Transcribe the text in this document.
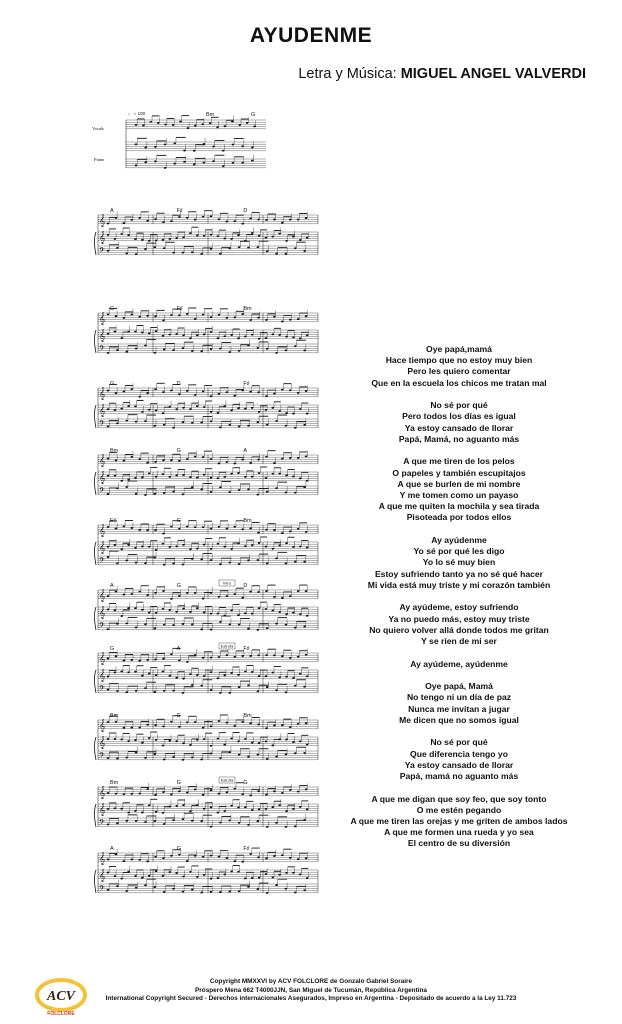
AYUDENME
Letra y Música: MIGUEL ANGEL VALVERDI
Vocals
Piano
♩ = 100	Bm	G
𝄞
𝄞
𝄢
A	F♯	D
𝄞
𝄞
𝄢
G	F♯	Bm
𝄞
𝄞
𝄢
G	D	F♯
𝄞
𝄞
𝄢
Bm	G	A
𝄞
𝄞
𝄢
F♯	G	Bm
𝄞
𝄞
𝄢
A	G	D
Intro
𝄞
𝄞
𝄢
G	A	F♯
Estrofa
𝄞
𝄞
𝄢
Bm	G	Bm
𝄞
𝄞
𝄢
Bm	G	G
Estrofa
𝄞
𝄞
𝄢
A	G	F♯
Oye papá,mamá
Hace tiempo que no estoy muy bien
Pero les quiero comentar
Que en la escuela los chicos me tratan mal
No sé por qué
Pero todos los días es igual
Ya estoy cansado de llorar
Papá, Mamá, no aguanto más
A que me tiren de los pelos
O papeles y también escupitajos
A que se burlen de mi nombre
Y me tomen como un payaso
A que me quiten la mochila y sea tirada
Pisoteada por todos ellos
Ay ayúdenme
Yo sé por qué les digo
Yo lo sé muy bien
Estoy sufriendo tanto ya no sé qué hacer
Mi vida está muy triste y mi corazón también
Ay ayúdeme, estoy sufriendo
Ya no puedo más, estoy muy triste
No quiero volver allá donde todos me gritan
Y se ríen de mi ser
Ay ayúdeme, ayúdenme
Oye papá, Mamá
No tengo ni un día de paz
Nunca me invitan a jugar
Me dicen que no somos igual
No sé por qué
Que diferencia tengo yo
Ya estoy cansado de llorar
Papá, mamá no aguanto más
A que me digan que soy feo, que soy tonto
O me estén pegando
A que me tiren las orejas y me griten de ambos lados
A que me formen una rueda y yo sea
El centro de su diversión
ACV
FOLCLORE
Copyright MMXXVI by ACV FOLCLORE de Gonzalo Gabriel Soraire
Próspero Mena 662 T4000JJN, San Miguel de Tucumán, República Argentina
International Copyright Secured - Derechos internacionales Asegurados, Impreso en Argentina - Depositado de acuerdo a la Ley 11.723
